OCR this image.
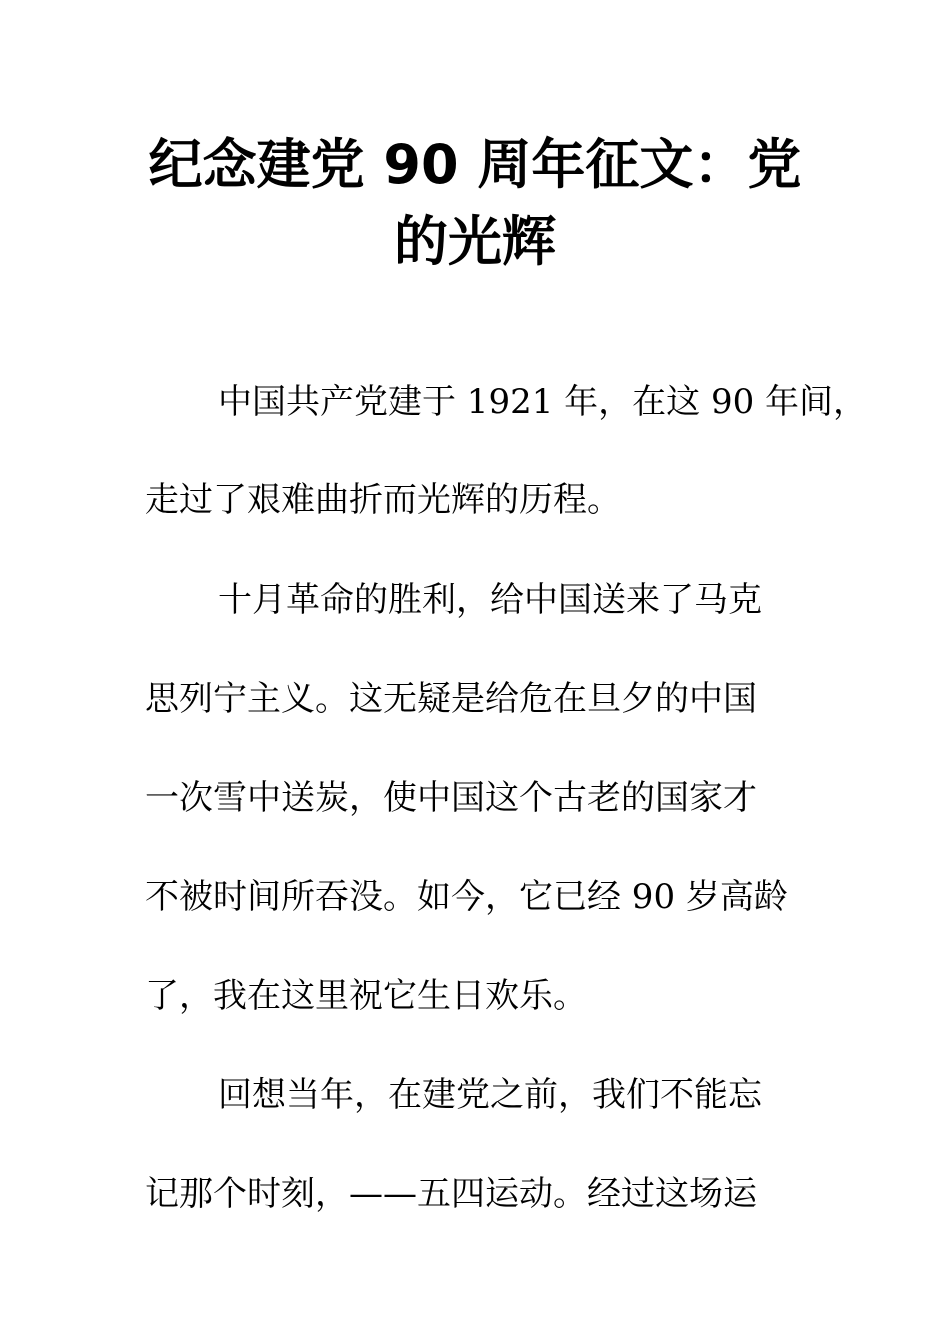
纪念建党 90 周年征文：党
的光辉

中国共产党建于 1921 年，在这 90 年间，

走过了艰难曲折而光辉的历程。

十月革命的胜利，给中国送来了马克

思列宁主义。这无疑是给危在旦夕的中国

一次雪中送炭，使中国这个古老的国家才

不被时间所吞没。如今，它已经 90 岁高龄

了，我在这里祝它生日欢乐。

回想当年，在建党之前，我们不能忘

记那个时刻，——五四运动。经过这场运
